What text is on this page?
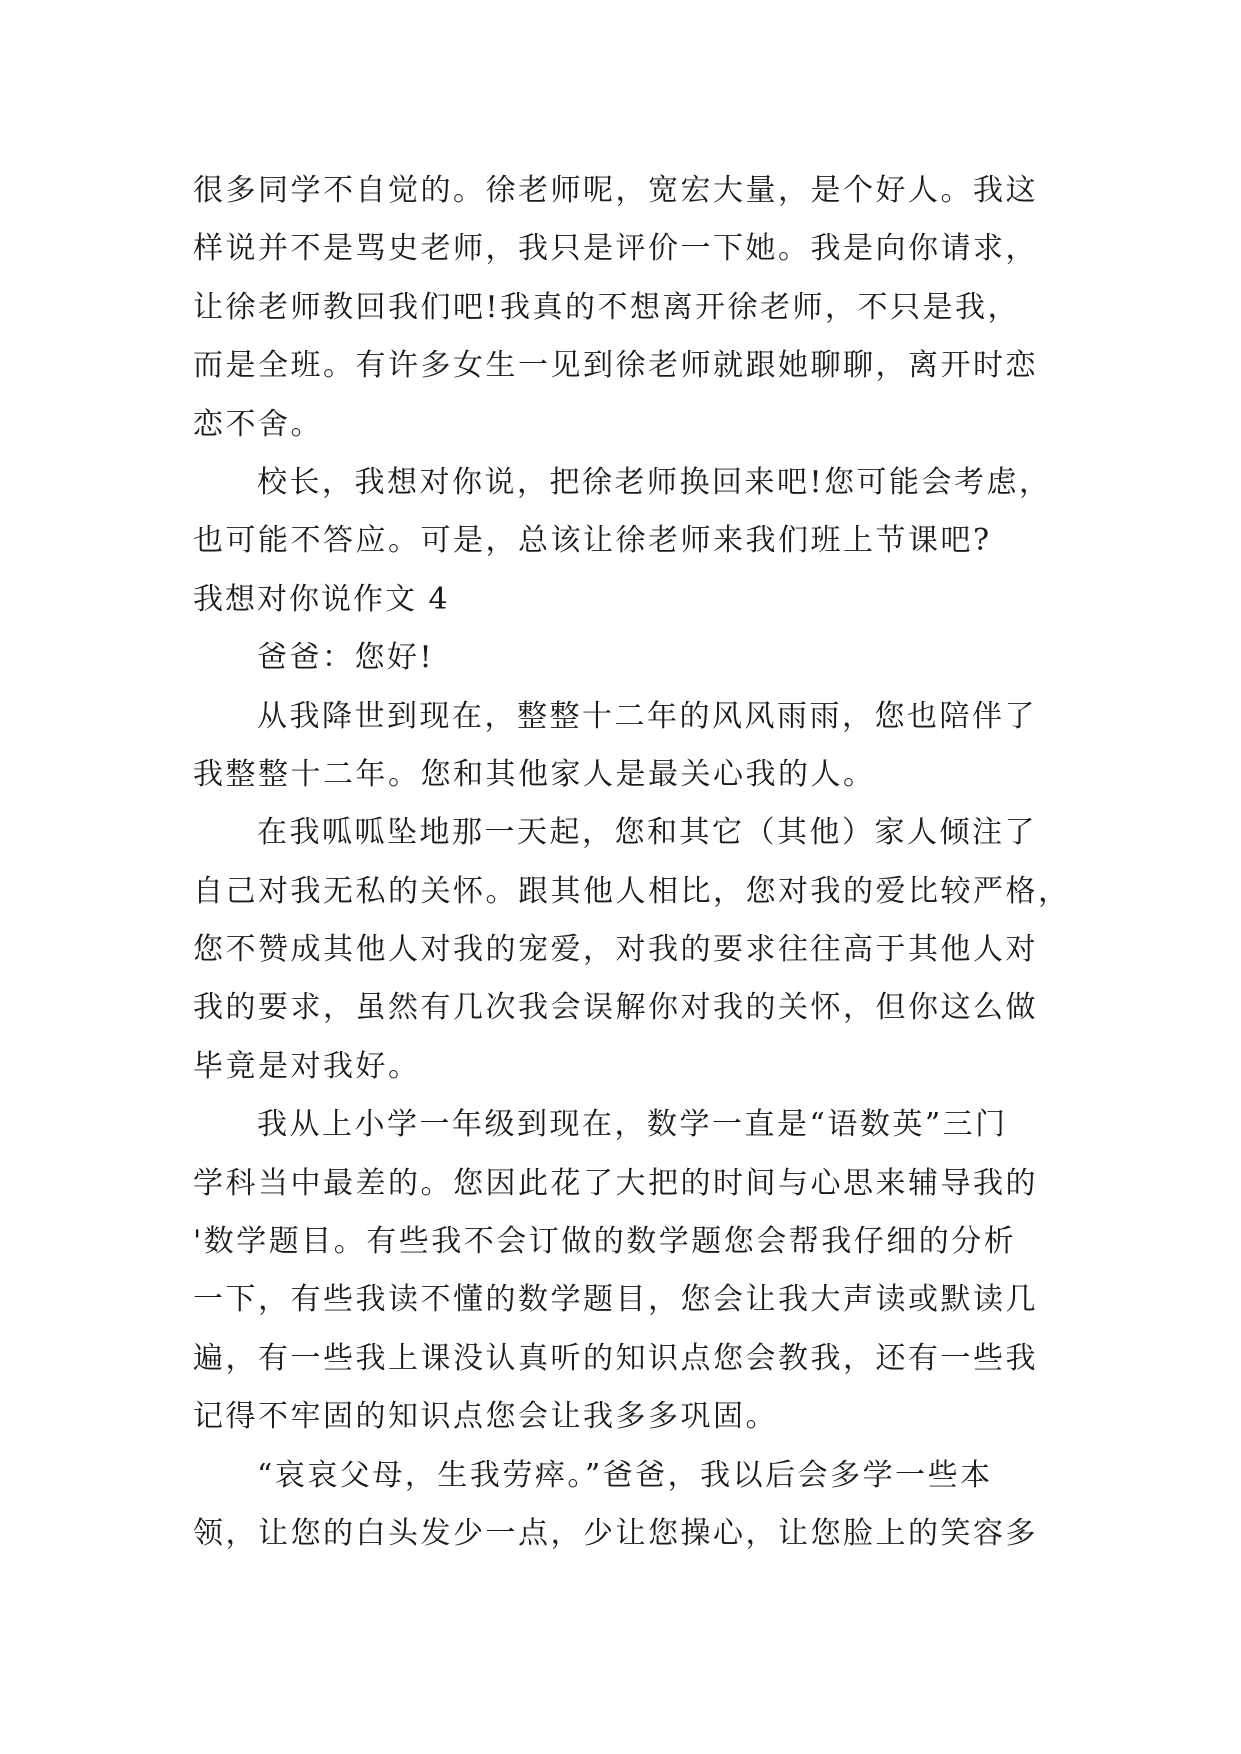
很多同学不自觉的。徐老师呢，宽宏大量，是个好人。我这
样说并不是骂史老师，我只是评价一下她。我是向你请求，
让徐老师教回我们吧!我真的不想离开徐老师，不只是我，
而是全班。有许多女生一见到徐老师就跟她聊聊，离开时恋
恋不舍。
校长，我想对你说，把徐老师换回来吧!您可能会考虑，
也可能不答应。可是，总该让徐老师来我们班上节课吧?
我想对你说作文 4
爸爸：您好!
从我降世到现在，整整十二年的风风雨雨，您也陪伴了
我整整十二年。您和其他家人是最关心我的人。
在我呱呱坠地那一天起，您和其它（其他）家人倾注了
自己对我无私的关怀。跟其他人相比，您对我的爱比较严格，
您不赞成其他人对我的宠爱，对我的要求往往高于其他人对
我的要求，虽然有几次我会误解你对我的关怀，但你这么做
毕竟是对我好。
我从上小学一年级到现在，数学一直是“语数英”三门
学科当中最差的。您因此花了大把的时间与心思来辅导我的
'数学题目。有些我不会订做的数学题您会帮我仔细的分析
一下，有些我读不懂的数学题目，您会让我大声读或默读几
遍，有一些我上课没认真听的知识点您会教我，还有一些我
记得不牢固的知识点您会让我多多巩固。
“哀哀父母，生我劳瘁。”爸爸，我以后会多学一些本
领，让您的白头发少一点，少让您操心，让您脸上的笑容多
